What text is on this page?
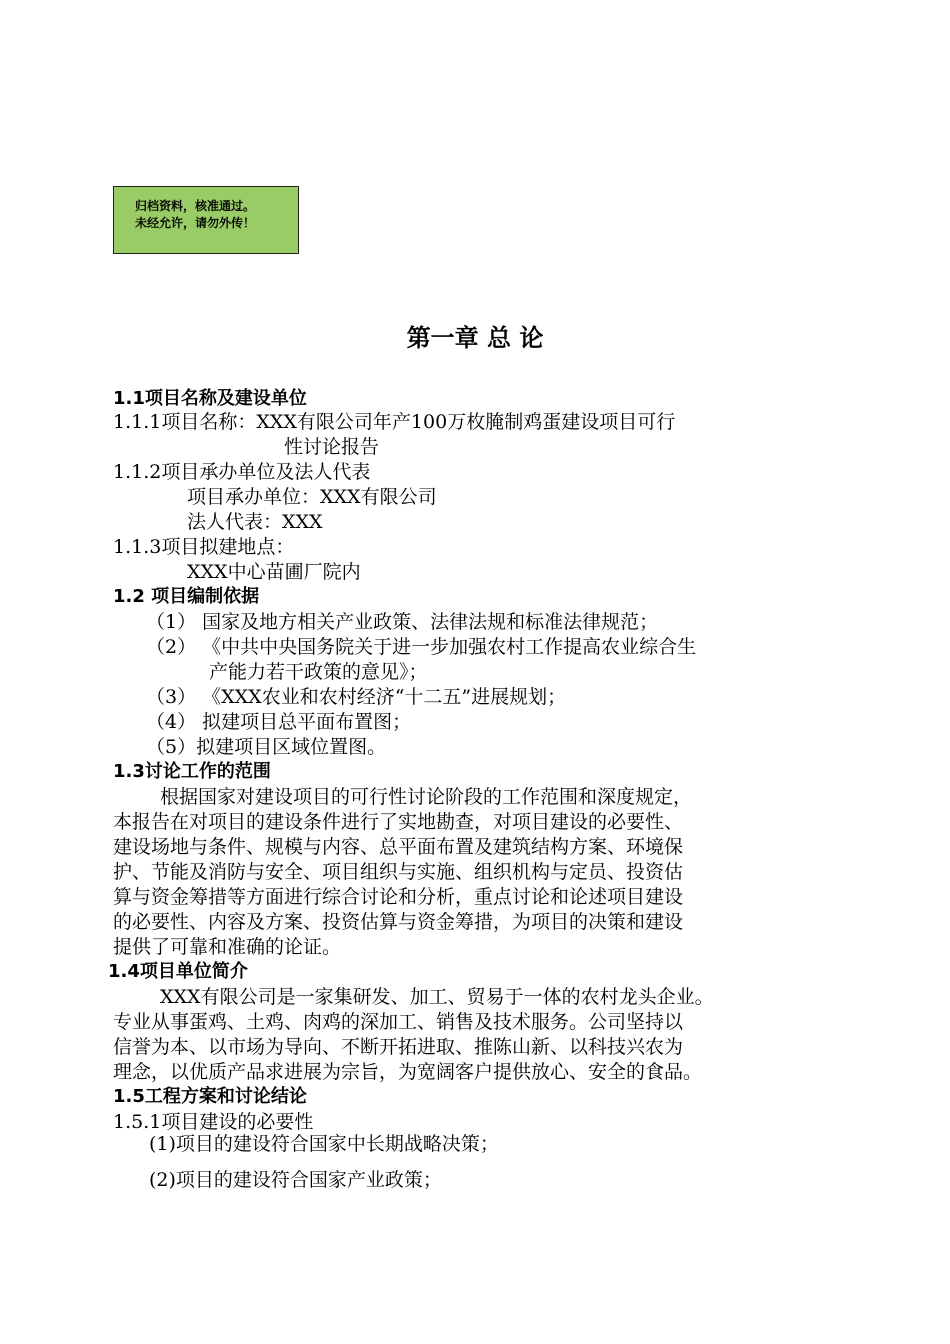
归档资料，核准通过。
未经允许，请勿外传！
第一章 总 论
1.1项目名称及建设单位
1.1.1项目名称：XXX有限公司年产100万枚腌制鸡蛋建设项目可行
性讨论报告
1.1.2项目承办单位及法人代表
项目承办单位：XXX有限公司
法人代表：XXX
1.1.3项目拟建地点：
XXX中心苗圃厂院内
1.2 项目编制依据
（1） 国家及地方相关产业政策、法律法规和标准法律规范；
（2） 《中共中央国务院关于进一步加强农村工作提高农业综合生
产能力若干政策的意见》；
（3） 《XXX农业和农村经济“十二五”进展规划；
（4） 拟建项目总平面布置图；
（5）拟建项目区域位置图。
1.3讨论工作的范围
根据国家对建设项目的可行性讨论阶段的工作范围和深度规定，
本报告在对项目的建设条件进行了实地勘查，对项目建设的必要性、
建设场地与条件、规模与内容、总平面布置及建筑结构方案、环境保
护、节能及消防与安全、项目组织与实施、组织机构与定员、投资估
算与资金筹措等方面进行综合讨论和分析，重点讨论和论述项目建设
的必要性、内容及方案、投资估算与资金筹措，为项目的决策和建设
提供了可靠和准确的论证。
1.4项目单位简介
XXX有限公司是一家集研发、加工、贸易于一体的农村龙头企业。
专业从事蛋鸡、土鸡、肉鸡的深加工、销售及技术服务。公司坚持以
信誉为本、以市场为导向、不断开拓进取、推陈山新、以科技兴农为
理念，以优质产品求进展为宗旨，为宽阔客户提供放心、安全的食品。
1.5工程方案和讨论结论
1.5.1项目建设的必要性
(1)项目的建设符合国家中长期战略决策；
(2)项目的建设符合国家产业政策；
